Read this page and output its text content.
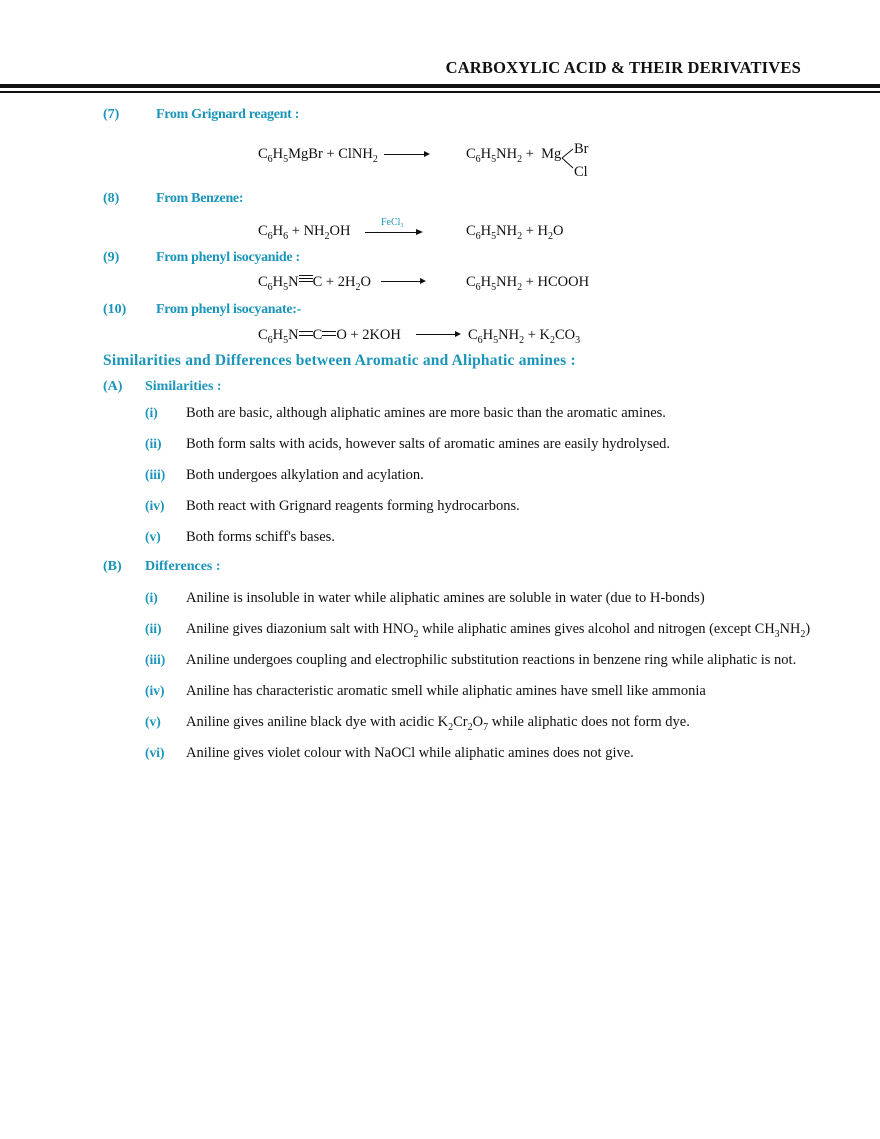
CARBOXYLIC ACID & THEIR DERIVATIVES
(7)	From Grignard reagent :
$C_6H_5MgBr$ + ClNH$_2$	$C_6H_5NH_2 + Mg$ Br
Cl
(8)	From Benzene:
$C_6H_6 + NH_2OH$
FeCl$_3$	$C_6H_5NH_2 + H_2O$
(9)	From phenyl isocyanide :
$C_6H_5N$ $C + 2H_2O$	$C_6H_5NH_2$ + HCOOH
(10) From phenyl isocyanate:-
$C_6H_5N$ C O + 2KOH	$C_6H_5NH_2 + K_2CO_3$
Similarities and Differences between Aromatic and Aliphatic amines :
(A) Similarities :
(i) Both are basic, although aliphatic amines are more basic than the aromatic amines.
(ii) Both form salts with acids, however salts of aromatic amines are easily hydrolysed.
(iii) Both undergoes alkylation and acylation.
(iv) Both react with Grignard reagents forming hydrocarbons.
(v) Both forms schiff's bases.
(B) Differences :
(i) Aniline is insoluble in water while aliphatic amines are soluble in water (due to H-bonds)
(ii) Aniline gives diazonium salt with $HNO_2$ while aliphatic amines gives alcohol and nitrogen (except $CH_3NH_2$)
(iii) Aniline undergoes coupling and electrophilic substitution reactions in benzene ring while aliphatic is not.
(iv) Aniline has characteristic aromatic smell while aliphatic amines have smell like ammonia
(v) Aniline gives aniline black dye with acidic $K_2Cr_2O_7$ while aliphatic does not form dye.
(vi) Aniline gives violet colour with NaOCl while aliphatic amines does not give.
